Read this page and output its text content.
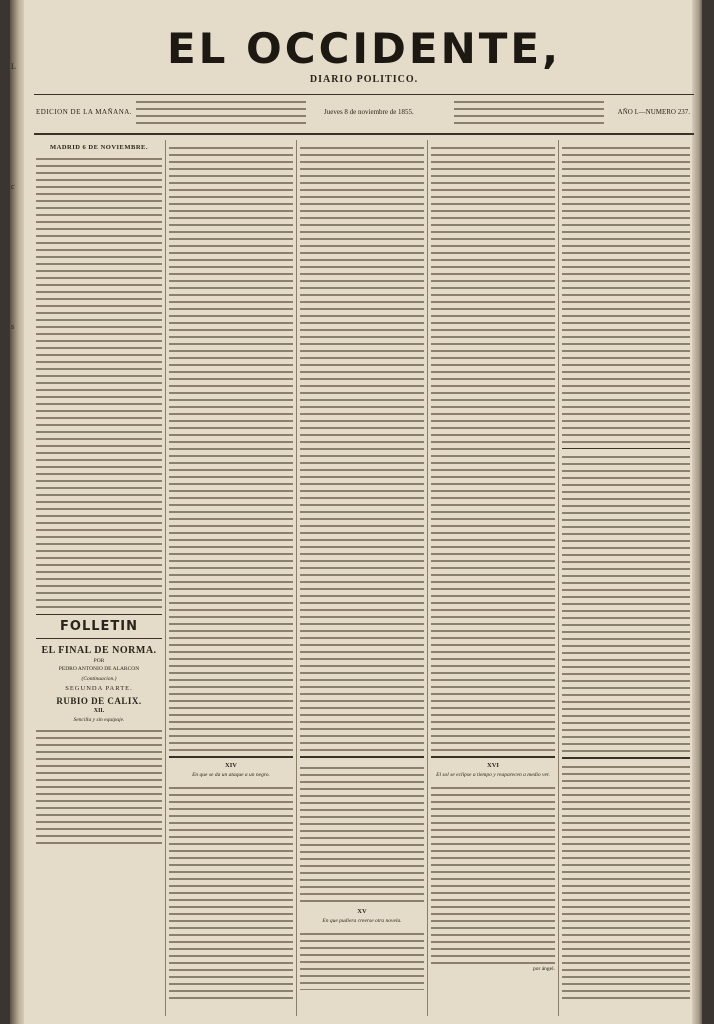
L
c
s
EL OCCIDENTE,
DIARIO POLITICO.
EDICION DE LA MAÑANA.	Jueves 8 de noviembre de 1855.	AÑO I.—NUMERO 237.
MADRID 6 DE NOVIEMBRE.
FOLLETIN
EL FINAL DE NORMA.
POR
PEDRO ANTONIO DE ALARCON
(Continuacion.)
SEGUNDA PARTE.
RUBIO DE CALIX.
XII.
Sencilla y sin equipaje.
XIV
En que se da un ataque a un negro.
XV
En que pudiera creerse otra novela.
XVI
El sol se eclipse a tiempo y reaparecen a medio ver.
por ángel.
